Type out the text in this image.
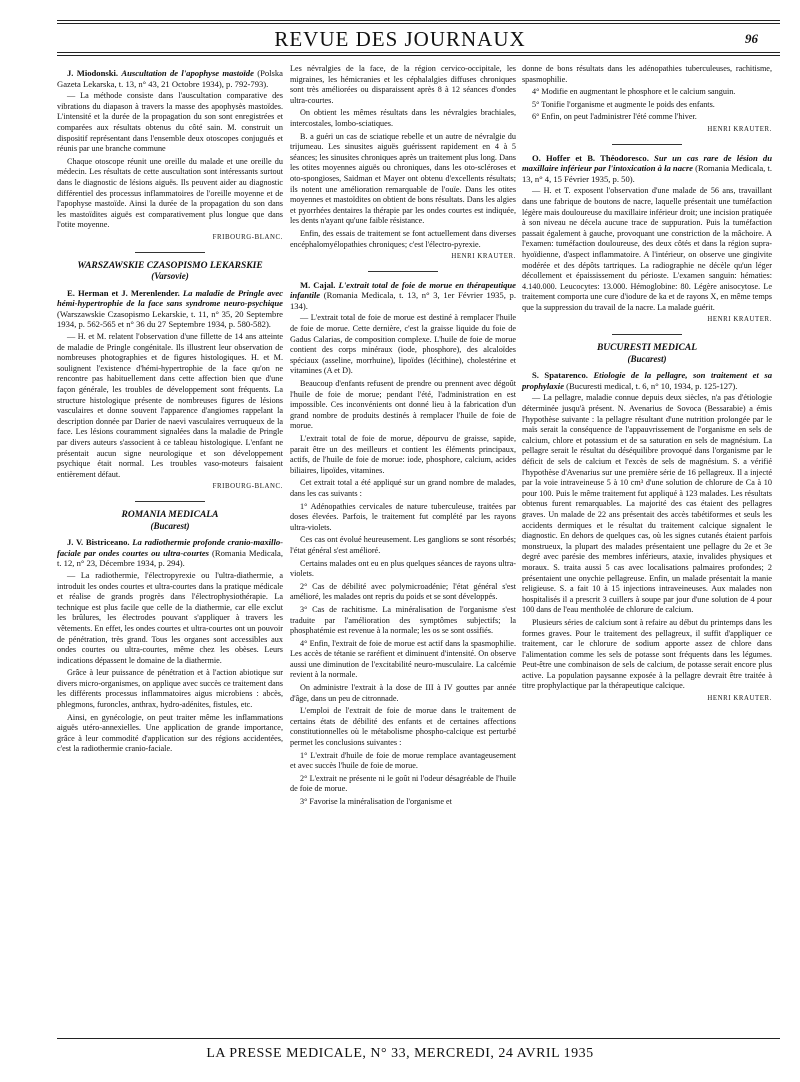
REVUE DES JOURNAUX	96
J. Miodonski. Auscultation de l'apophyse mastoïde (Polska Gazeta Lekarska, t. 13, n° 43, 21 Octobre 1934), p. 792-793).

— La méthode consiste dans l'auscultation comparative des vibrations du diapason à travers la masse des apophysès mastoïdes. L'intensité et la durée de la propagation du son sont enregistrées et comparées aux résultats obtenus du côté sain. M. construit un dispositif représentant dans l'ensemble deux otoscopes conjugués et réunis par une branche commune

Chaque otoscope réunit une oreille du malade et une oreille du médecin. Les résultats de cette auscultation sont intéressants surtout dans le diagnostic de lésions aiguës. Ils peuvent aider au diagnostic différentiel des processus inflammatoires de l'oreille moyenne et de l'apophyse mastoïde. Ainsi la durée de la propagation du son dans les mastoïdites aiguës est comparativement plus longue que dans l'otite moyenne.

FRIBOURG-BLANC.
WARSZAWSKIE CZASOPISMO LEKARSKIE
(Varsovie)
E. Herman et J. Merenlender. La maladie de Pringle avec hémi-hypertrophie de la face sans syndrome neuro-psychique (Warszawskie Czasopismo Lekarskie, t. 11, n° 35, 20 Septembre 1934, p. 562-565 et n° 36 du 27 Septembre 1934, p. 580-582).

— H. et M. relatent l'observation d'une fillette de 14 ans atteinte de maladie de Pringle congénitale. Ils illustrent leur observation de nombreuses photographies et de figures histologiques. H. et M. soulignent l'existence d'hémi-hypertrophie de la face qu'on ne rencontre pas habituellement dans cette affection bien que d'une façon générale, les troubles de développement sont fréquents. La structure histologique présente de nombreuses figures de lésions vasculaires et donne souvent l'apparence d'angiomes rappelant la description donnée par Darier de naevi vasculaires verruqueux de la face. Les lésions couramment signalées dans la maladie de Pringle par divers auteurs s'associent à ce tableau histologique. L'enfant ne présentait aucun signe neurologique et son développement psychique était normal. Les troubles vaso-moteurs faisaient entièrement défaut.

FRIBOURG-BLANC.
ROMANIA MEDICALA
(Bucarest)
J. V. Bistriceano. La radiothermie profonde cranio-maxillo-faciale par ondes courtes ou ultra-courtes (Romania Medicala, t. 12, n° 23, Décembre 1934, p. 294).

— La radiothermie, l'électropyrexie ou l'ultra-diathermie, a introduit les ondes courtes et ultra-courtes dans la pratique médicale et réalise de grands progrès dans l'électrophysiothérapie. La technique est plus facile que celle de la diathermie, car elle exclut les brûlures, les électrodes pouvant s'appliquer à travers les vêtements. En effet, les ondes courtes et ultra-courtes ont un pouvoir de pénétration, très grand. Tous les organes sont accessibles aux ondes courtes ou ultra-courtes, même chez les obèses. Leurs indications dépassent le domaine de la diathermie.

Grâce à leur puissance de pénétration et à l'action abiotique sur divers micro-organismes, on applique avec succès ce traitement dans les différents processus inflammatoires aigus microbiens : abcès, phlegmons, furoncles, anthrax, hydro-adénites, fistules, etc.

Ainsi, en gynécologie, on peut traiter même les inflammations aiguës utéro-annexielles. Une application de grande importance, grâce à leur commodité d'application sur des régions accidentées, c'est la radiothermie cranio-faciale.

Les névralgies de la face, de la région cervico-occipitale, les migraines, les hémicranies et les céphalalgies diffuses chroniques sont très améliorées ou disparaissent après 8 à 12 séances d'ondes ultra-courtes.

On obtient les mêmes résultats dans les névralgies brachiales, intercostales, lombo-sciatiques.

B. a guéri un cas de sciatique rebelle et un autre de névralgie du trijumeau. Les sinusites aiguës guérissent rapidement en 4 à 5 séances; les sinusites chroniques après un traitement plus long. Dans les otites moyennes aiguës ou chroniques, dans les oto-scléroses et oto-spongioses, Saidman et Mayer ont obtenu d'excellents résultats; ils notent une amélioration remarquable de l'ouïe. Dans les otites moyennes et mastoïdites on obtient de bons résultats. Dans les algies et pyorrhées dentaires la thérapie par les ondes courtes est indiquée, les dents n'ayant qu'une faible résistance.

Enfin, des essais de traitement se font actuellement dans diverses encéphalomyélopathies chroniques; c'est l'électro-pyrexie.

HENRI KRAUTER.
M. Cajal. L'extrait total de foie de morue en thérapeutique infantile (Romania Medicala, t. 13, n° 3, 1er Février 1935, p. 134).

— L'extrait total de foie de morue est destiné à remplacer l'huile de foie de morue. Cette dernière, c'est la graisse liquide du foie de Gadus Calarias, de composition complexe. L'huile de foie de morue contient des corps minéraux (iode, phosphore), des alcaloïdes spéciaux (asseline, morrhuine), lipoïdes (lécithine), cholestérine et vitamines (A et D).

Beaucoup d'enfants refusent de prendre ou prennent avec dégoût l'huile de foie de morue; pendant l'été, l'administration en est impossible. Ces inconvénients ont donné lieu à la fabrication d'un grand nombre de produits destinés à remplacer l'huile de foie de morue.

L'extrait total de foie de morue, dépourvu de graisse, sapide, parait être un des meilleurs et contient les éléments principaux, actifs, de l'huile de foie de morue: iode, phosphore, calcium, acides biliaires, lipoïdes, vitamines.

Cet extrait total a été appliqué sur un grand nombre de malades, dans les cas suivants :

1° Adénopathies cervicales de nature tuberculeuse, traitées par doses élevées. Parfois, le traitement fut complété par les rayons ultra-violets.

Ces cas ont évolué heureusement. Les ganglions se sont résorbés; l'état général s'est amélioré.

Certains malades ont eu en plus quelques séances de rayons ultra-violets.

2° Cas de débilité avec polymicroadénie; l'état général s'est amélioré, les malades ont repris du poids et se sont développés.

3° Cas de rachitisme. La minéralisation de l'organisme s'est traduite par l'amélioration des symptômes subjectifs; la phosphatémie est revenue à la normale; les os se sont ossifiés.

4° Enfin, l'extrait de foie de morue est actif dans la spasmophilie. Les accès de tétanie se raréfient et diminuent d'intensité. On observe aussi une diminution de l'excitabilité neuro-musculaire. La calcémie revient à la normale.

On administre l'extrait à la dose de III à IV gouttes par année d'âge, dans un peu de citronnade.

L'emploi de l'extrait de foie de morue dans le traitement de certains états de débilité des enfants et de certaines affections constitutionnelles où le métabolisme phospho-calcique est perturbé permet les conclusions suivantes :

1° L'extrait d'huile de foie de morue remplace avantageusement et avec succès l'huile de foie de morue.

2° L'extrait ne présente ni le goût ni l'odeur désagréable de l'huile de foie de morue.

3° Favorise la minéralisation de l'organisme et

donne de bons résultats dans les adénopathies tuberculeuses, rachitisme, spasmophilie.

4° Modifie en augmentant le phosphore et le calcium sanguin.

5° Tonifie l'organisme et augmente le poids des enfants.

6° Enfin, on peut l'administrer l'été comme l'hiver.

HENRI KRAUTER.
O. Hoffer et B. Théodoresco. Sur un cas rare de lésion du maxillaire inférieur par l'intoxication à la nacre (Romania Medicala, t. 13, n° 4, 15 Février 1935, p. 50).

— H. et T. exposent l'observation d'une malade de 56 ans, travaillant dans une fabrique de boutons de nacre, laquelle présentait une tuméfaction légère mais douloureuse du maxillaire inférieur droit; une incision pratiquée à son niveau ne décela aucune trace de suppuration. Puis la tuméfaction passait également à gauche, provoquant une constriction de la mâchoire. A l'examen: tuméfaction douloureuse, des deux côtés et dans la région supra-hyoïdienne, d'aspect inflammatoire. A l'intérieur, on observe une gingivite modérée et des dépôts tartriques. La radiographie ne décèle qu'un léger décollement et épaississement du périoste. L'examen sanguin: hématies: 4.140.000. Leucocytes: 13.000. Hémoglobine: 80. Légère anisocytose. Le traitement comporta une cure d'iodure de ka et de rayons X, en même temps que la suppression du travail de la nacre. La malade guérit.

HENRI KRAUTER.
BUCURESTI MEDICAL
(Bucarest)
S. Spatarenco. Etiologie de la pellagre, son traitement et sa prophylaxie (Bucuresti medical, t. 6, n° 10, 1934, p. 125-127).

— La pellagre, maladie connue depuis deux siècles, n'a pas d'étiologie déterminée jusqu'à présent. N. Avenarius de Sovoca (Bessarabie) a émis l'hypothèse suivante : la pellagre résultant d'une nutrition prolongée par le maïs serait la conséquence de l'appauvrissement de l'organisme en sels de calcium, chlore et potassium et de sa saturation en sels de magnésium. La pellagre serait le résultat du déséquilibre provoqué dans l'organisme par le déficit de sels de calcium et l'excès de sels de magnésium. S. a vérifié l'hypothèse d'Avenarius sur une première série de 16 pellagreux. Il a injecté par la voie intraveineuse 5 à 10 cm³ d'une solution de chlorure de Ca à 10 pour 100. Puis le même traitement fut appliqué à 123 malades. Les résultats obtenus furent remarquables. La majorité des cas étaient des pellagres graves. Un malade de 22 ans présentait des accès tabétiformes et seuls les accidents dermiques et le résultat du traitement calcique signalent le diagnostic. En dehors de quelques cas, où les signes cutanés étaient parfois monstrueux, la plupart des malades présentaient une pellagre du 2e et 3e degré avec parésie des membres inférieurs, ataxie, invalides physiques et moraux. S. traita aussi 5 cas avec localisations palmaires profondes; 2 présentaient une onychie pellagreuse. Enfin, un malade présentait la manie religieuse. S. a fait 10 à 15 injections intraveineuses. Aux malades non hospitalisés il a prescrit 3 cuillers à soupe par jour d'une solution de 4 pour 100 dans de l'eau mentholée de chlorure de calcium.

Plusieurs séries de calcium sont à refaire au début du printemps dans les formes graves. Pour le traitement des pellagreux, il suffit d'appliquer ce traitement, car le chlorure de sodium apporte assez de chlore dans l'alimentation comme les sels de potasse sont fréquents dans les légumes. Peut-être une combinaison de sels de calcium, de potasse serait encore plus active. La population paysanne exposée à la pellagre devrait être traitée à titre prophylactique par la thérapeutique calcique.

HENRI KRAUTER.
LA PRESSE MEDICALE, N° 33, MERCREDI, 24 AVRIL 1935
